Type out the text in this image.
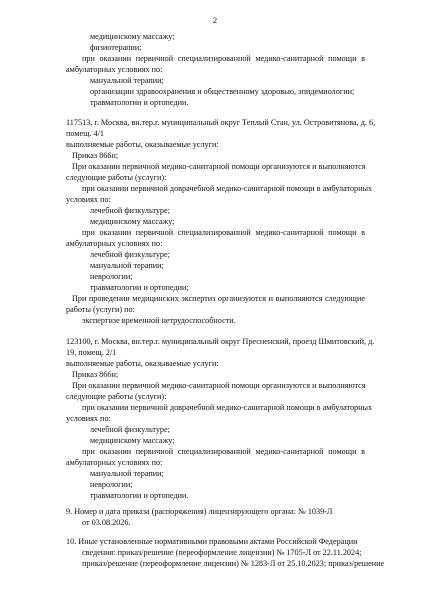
2
медицинскому массажу;
физиотерапии;
при оказании первичной специализированной медико-санитарной помощи в
амбулаторных условиях по:
мануальной терапии;
организации здравоохранения и общественному здоровью, эпидемиологии;
травматологии и ортопедии.
117513, г. Москва, вн.тер.г. муниципальный округ Теплый Стан, ул. Островитянова, д. 6,
помещ. 4/1
выполняемые работы, оказываемые услуги:
Приказ 866н;
При оказании первичной медико-санитарной помощи организуются и выполняются
следующие работы (услуги):
при оказании первичной доврачебной медико-санитарной помощи в амбулаторных
условиях по:
лечебной физкультуре;
медицинскому массажу;
при оказании первичной специализированной медико-санитарной помощи в
амбулаторных условиях по:
лечебной физкультуре;
мануальной терапии;
неврологии;
травматологии и ортопедии;
При проведении медицинских экспертиз организуются и выполняются следующие
работы (услуги) по:
экспертизе временной нетрудоспособности.
123100, г. Москва, вн.тер.г. муниципальный округ Пресненский, проезд Шмитовский, д.
19, помещ. 2/1
выполняемые работы, оказываемые услуги:
Приказ 866н;
При оказании первичной медико-санитарной помощи организуются и выполняются
следующие работы (услуги):
при оказании первичной доврачебной медико-санитарной помощи в амбулаторных
условиях по:
лечебной физкультуре;
медицинскому массажу;
при оказании первичной специализированной медико-санитарной помощи в
амбулаторных условиях по:
мануальной терапии;
неврологии;
травматологии и ортопедии.
9. Номер и дата приказа (распоряжения) лицензирующего органа: № 1039-Л
от 03.08.2026.
10. Иные установленные нормативными правовыми актами Российской Федерации
сведения: приказ/решение (переоформление лицензии) № 1705-Л от 22.11.2024;
приказ/решение (переоформление лицензии) № 1283-Л от 25.10.2023; приказ/решение
